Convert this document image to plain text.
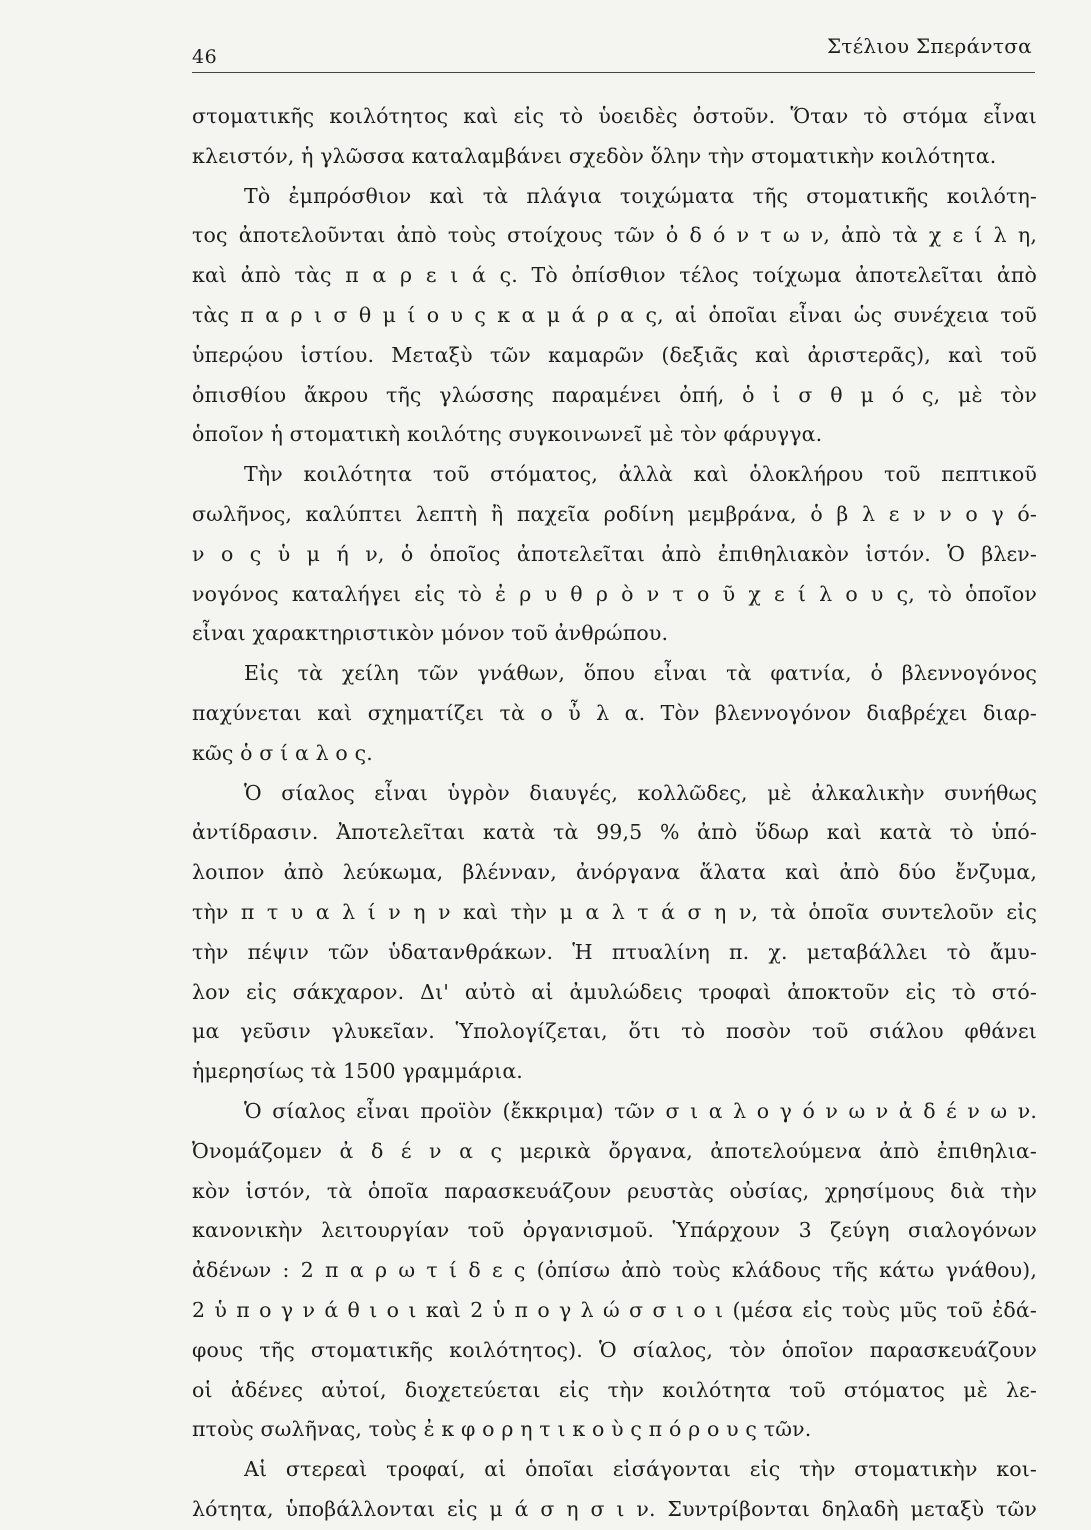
46	Στέλιου Σπεράντσα
στοματικῆς κοιλότητος καὶ εἰς τὸ ὑοειδὲς ὀστοῦν. Ὅταν τὸ στόμα εἶναι
κλειστόν, ἡ γλῶσσα καταλαμβάνει σχεδὸν ὅλην τὴν στοματικὴν κοιλότητα.
Τὸ ἐμπρόσθιον καὶ τὰ πλάγια τοιχώματα τῆς στοματικῆς κοιλότη-
τος ἀποτελοῦνται ἀπὸ τοὺς στοίχους τῶν ὀ δ ό ν τ ω ν, ἀπὸ τὰ χ ε ί λ η,
καὶ ἀπὸ τὰς π α ρ ε ι ά ς. Τὸ ὀπίσθιον τέλος τοίχωμα ἀποτελεῖται ἀπὸ
τὰς π α ρ ι σ θ μ ί ο υ ς κ α μ ά ρ α ς, αἱ ὁποῖαι εἶναι ὡς συνέχεια τοῦ
ὑπερῴου ἱστίου. Μεταξὺ τῶν καμαρῶν (δεξιᾶς καὶ ἀριστερᾶς), καὶ τοῦ
ὀπισθίου ἄκρου τῆς γλώσσης παραμένει ὀπή, ὁ ἰ σ θ μ ό ς, μὲ τὸν
ὁποῖον ἡ στοματικὴ κοιλότης συγκοινωνεῖ μὲ τὸν φάρυγγα.
Τὴν κοιλότητα τοῦ στόματος, ἀλλὰ καὶ ὁλοκλήρου τοῦ πεπτικοῦ
σωλῆνος, καλύπτει λεπτὴ ἢ παχεῖα ροδίνη μεμβράνα, ὁ β λ ε ν ν ο γ ό-
ν ο ς ὑ μ ή ν, ὁ ὁποῖος ἀποτελεῖται ἀπὸ ἐπιθηλιακὸν ἱστόν. Ὁ βλεν-
νογόνος καταλήγει εἰς τὸ ἐ ρ υ θ ρ ὸ ν τ ο ῦ χ ε ί λ ο υ ς, τὸ ὁποῖον
εἶναι χαρακτηριστικὸν μόνον τοῦ ἀνθρώπου.
Εἰς τὰ χείλη τῶν γνάθων, ὅπου εἶναι τὰ φατνία, ὁ βλεννογόνος
παχύνεται καὶ σχηματίζει τὰ ο ὖ λ α. Τὸν βλεννογόνον διαβρέχει διαρ-
κῶς ὁ σ ί α λ ο ς.
Ὁ σίαλος εἶναι ὑγρὸν διαυγές, κολλῶδες, μὲ ἀλκαλικὴν συνήθως
ἀντίδρασιν. Ἀποτελεῖται κατὰ τὰ 99,5 % ἀπὸ ὕδωρ καὶ κατὰ τὸ ὑπό-
λοιπον ἀπὸ λεύκωμα, βλένναν, ἀνόργανα ἅλατα καὶ ἀπὸ δύο ἔνζυμα,
τὴν π τ υ α λ ί ν η ν καὶ τὴν μ α λ τ ά σ η ν, τὰ ὁποῖα συντελοῦν εἰς
τὴν πέψιν τῶν ὑδατανθράκων. Ἡ πτυαλίνη π. χ. μεταβάλλει τὸ ἄμυ-
λον εἰς σάκχαρον. Δι' αὐτὸ αἱ ἀμυλώδεις τροφαὶ ἀποκτοῦν εἰς τὸ στό-
μα γεῦσιν γλυκεῖαν. Ὑπολογίζεται, ὅτι τὸ ποσὸν τοῦ σιάλου φθάνει
ἡμερησίως τὰ 1500 γραμμάρια.
Ὁ σίαλος εἶναι προϊὸν (ἔκκριμα) τῶν σ ι α λ ο γ ό ν ω ν ἀ δ έ ν ω ν.
Ὀνομάζομεν ἀ δ έ ν α ς μερικὰ ὄργανα, ἀποτελούμενα ἀπὸ ἐπιθηλια-
κὸν ἱστόν, τὰ ὁποῖα παρασκευάζουν ρευστὰς οὐσίας, χρησίμους διὰ τὴν
κανονικὴν λειτουργίαν τοῦ ὀργανισμοῦ. Ὑπάρχουν 3 ζεύγη σιαλογόνων
ἀδένων : 2 π α ρ ω τ ί δ ε ς (ὀπίσω ἀπὸ τοὺς κλάδους τῆς κάτω γνάθου),
2 ὑ π ο γ ν ά θ ι ο ι καὶ 2 ὑ π ο γ λ ώ σ σ ι ο ι (μέσα εἰς τοὺς μῦς τοῦ ἐδά-
φους τῆς στοματικῆς κοιλότητος). Ὁ σίαλος, τὸν ὁποῖον παρασκευάζουν
οἱ ἀδένες αὐτοί, διοχετεύεται εἰς τὴν κοιλότητα τοῦ στόματος μὲ λε-
πτοὺς σωλῆνας, τοὺς ἐ κ φ ο ρ η τ ι κ ο ὺ ς π ό ρ ο υ ς τῶν.
Αἱ στερεαὶ τροφαί, αἱ ὁποῖαι εἰσάγονται εἰς τὴν στοματικὴν κοι-
λότητα, ὑποβάλλονται εἰς μ ά σ η σ ι ν. Συντρίβονται δηλαδὴ μεταξὺ τῶν
